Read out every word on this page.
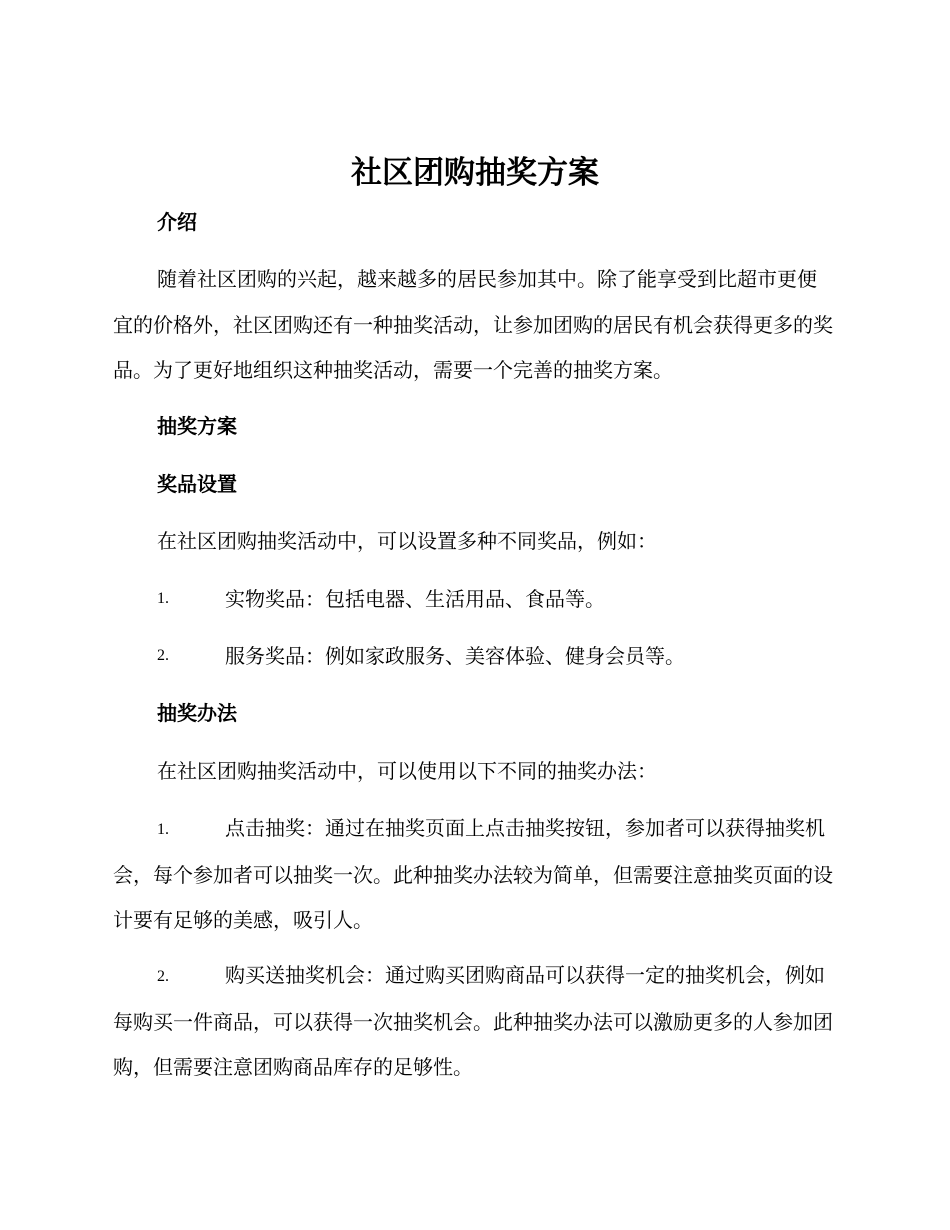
社区团购抽奖方案
介绍

随着社区团购的兴起，越来越多的居民参加其中。除了能享受到比超市更便宜的价格外，社区团购还有一种抽奖活动，让参加团购的居民有机会获得更多的奖品。为了更好地组织这种抽奖活动，需要一个完善的抽奖方案。

抽奖方案
奖品设置
在社区团购抽奖活动中，可以设置多种不同奖品，例如：
1.	实物奖品：包括电器、生活用品、食品等。
2.	服务奖品：例如家政服务、美容体验、健身会员等。
抽奖办法
在社区团购抽奖活动中，可以使用以下不同的抽奖办法：

1.	点击抽奖：通过在抽奖页面上点击抽奖按钮，参加者可以获得抽奖机会，每个参加者可以抽奖一次。此种抽奖办法较为简单，但需要注意抽奖页面的设计要有足够的美感，吸引人。

2.	购买送抽奖机会：通过购买团购商品可以获得一定的抽奖机会，例如每购买一件商品，可以获得一次抽奖机会。此种抽奖办法可以激励更多的人参加团购，但需要注意团购商品库存的足够性。
